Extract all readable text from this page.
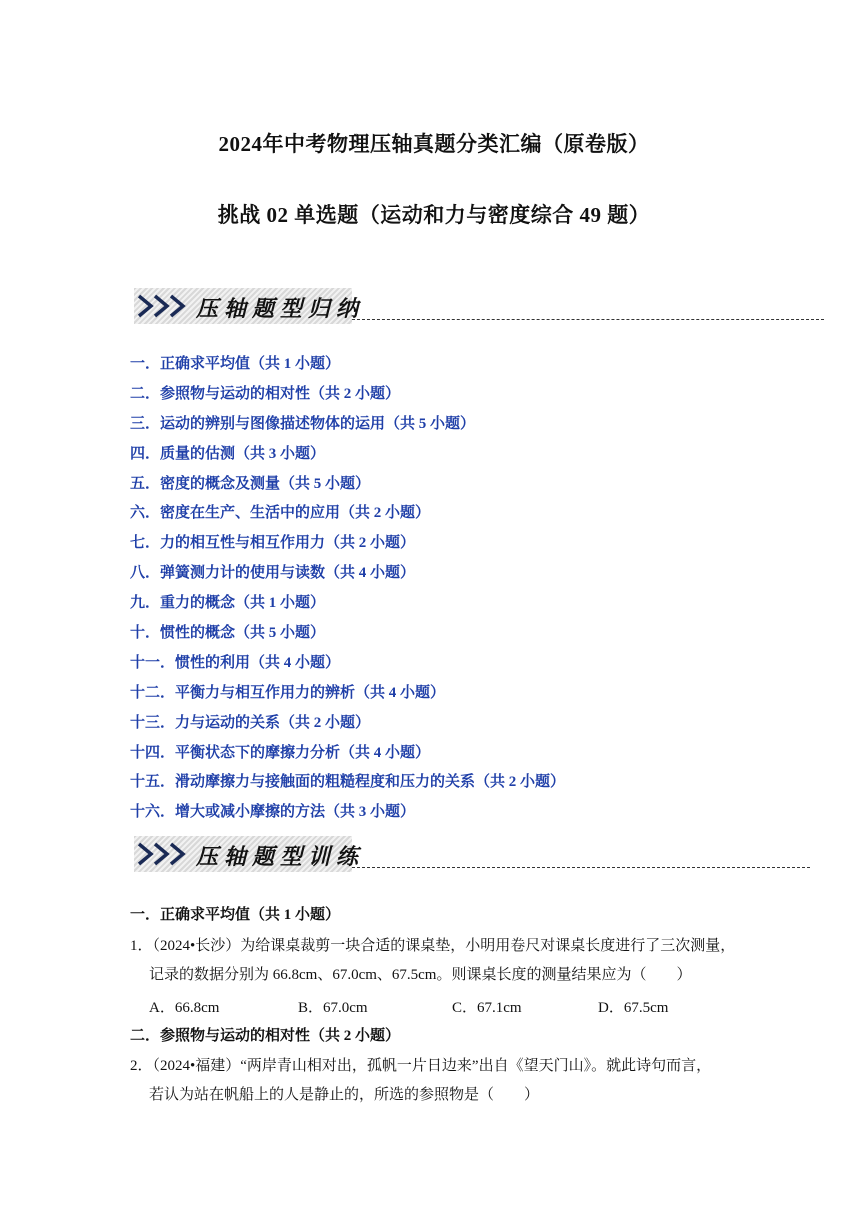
2024年中考物理压轴真题分类汇编（原卷版）
挑战 02 单选题（运动和力与密度综合 49 题）
压轴题型归纳
一．正确求平均值（共 1 小题）
二．参照物与运动的相对性（共 2 小题）
三．运动的辨别与图像描述物体的运用（共 5 小题）
四．质量的估测（共 3 小题）
五．密度的概念及测量（共 5 小题）
六．密度在生产、生活中的应用（共 2 小题）
七．力的相互性与相互作用力（共 2 小题）
八．弹簧测力计的使用与读数（共 4 小题）
九．重力的概念（共 1 小题）
十．惯性的概念（共 5 小题）
十一．惯性的利用（共 4 小题）
十二．平衡力与相互作用力的辨析（共 4 小题）
十三．力与运动的关系（共 2 小题）
十四．平衡状态下的摩擦力分析（共 4 小题）
十五．滑动摩擦力与接触面的粗糙程度和压力的关系（共 2 小题）
十六．增大或减小摩擦的方法（共 3 小题）
压轴题型训练
一．正确求平均值（共 1 小题）
1．（2024•长沙）为给课桌裁剪一块合适的课桌垫，小明用卷尺对课桌长度进行了三次测量，
记录的数据分别为 66.8cm、67.0cm、67.5cm。则课桌长度的测量结果应为（　　）
A．66.8cm	B．67.0cm	C．67.1cm	D．67.5cm
二．参照物与运动的相对性（共 2 小题）
2．（2024•福建）“两岸青山相对出，孤帆一片日边来”出自《望天门山》。就此诗句而言，
若认为站在帆船上的人是静止的，所选的参照物是（　　）
